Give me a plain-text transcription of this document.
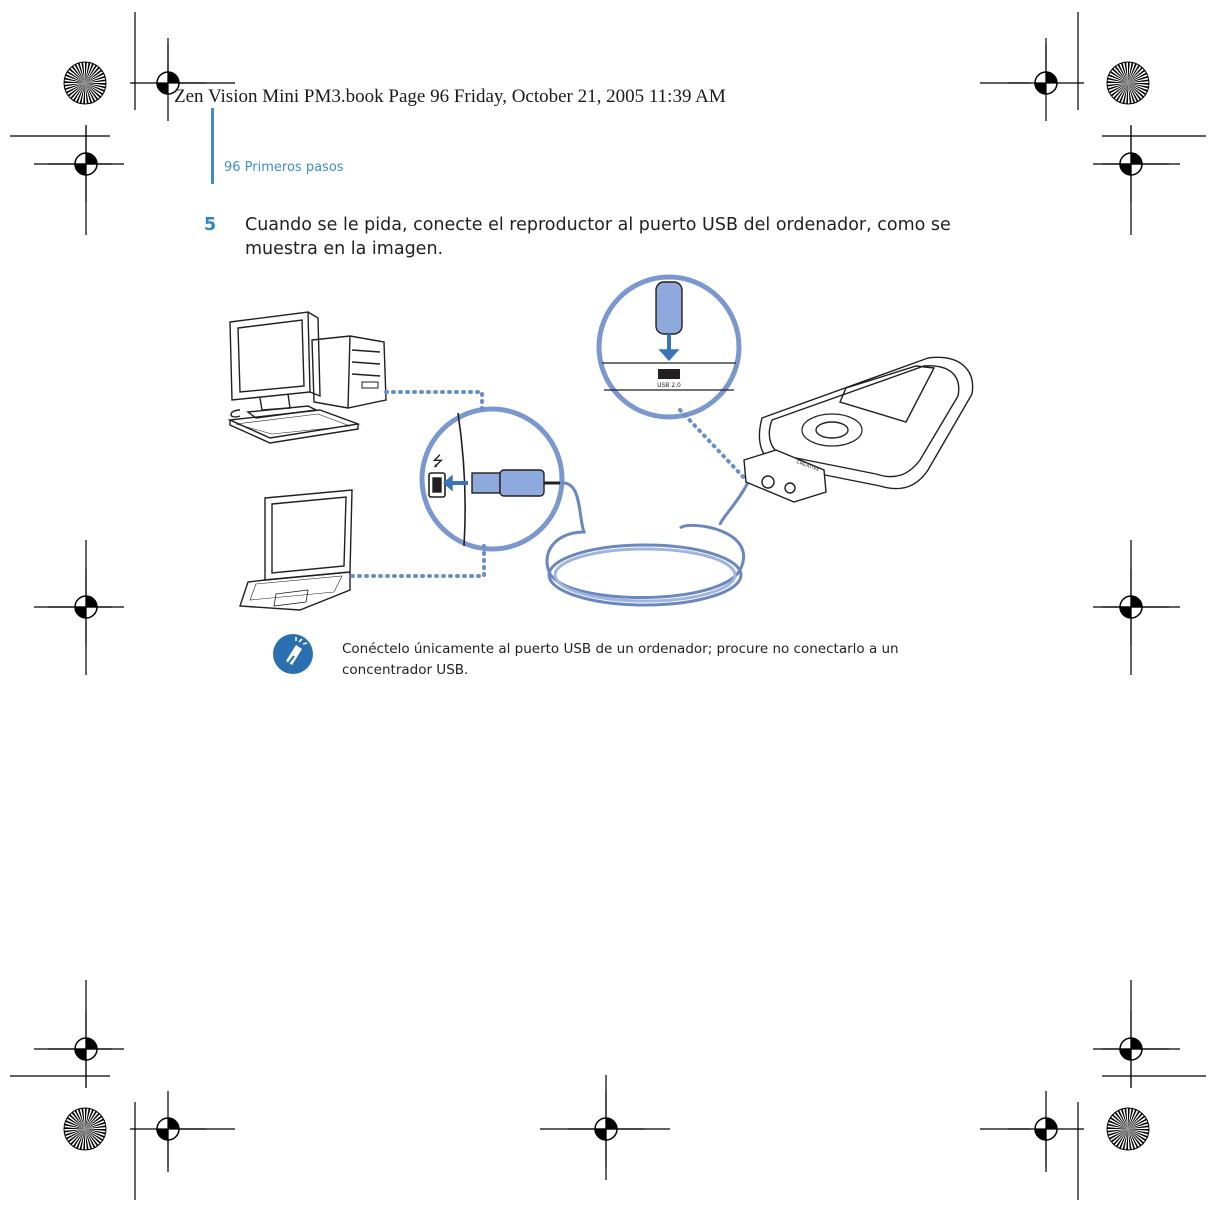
Zen Vision Mini PM3.book Page 96 Friday, October 21, 2005 11:39 AM
96 Primeros pasos
5 Cuando se le pida, conecte el reproductor al puerto USB del ordenador, como se muestra en la imagen.
⭍
USB 2.0
CREATIVE
Conéctelo únicamente al puerto USB de un ordenador; procure no conectarlo a un concentrador USB.
